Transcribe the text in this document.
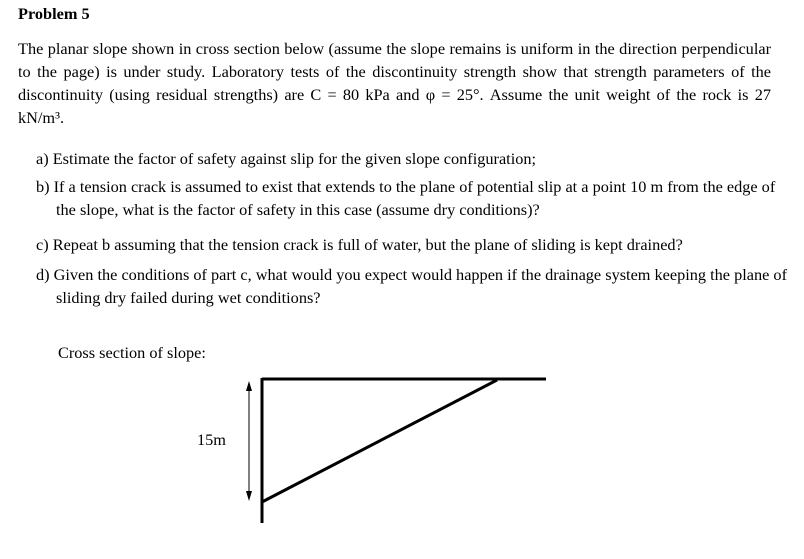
Problem 5
The planar slope shown in cross section below (assume the slope remains is uniform in the direction perpendicular to the page) is under study. Laboratory tests of the discontinuity strength show that strength parameters of the discontinuity (using residual strengths) are C = 80 kPa and φ = 25°. Assume the unit weight of the rock is 27 kN/m³.
a) Estimate the factor of safety against slip for the given slope configuration;
b) If a tension crack is assumed to exist that extends to the plane of potential slip at a point 10 m from the edge of the slope, what is the factor of safety in this case (assume dry conditions)?
c) Repeat b assuming that the tension crack is full of water, but the plane of sliding is kept drained?
d) Given the conditions of part c, what would you expect would happen if the drainage system keeping the plane of sliding dry failed during wet conditions?
Cross section of slope:
15m
